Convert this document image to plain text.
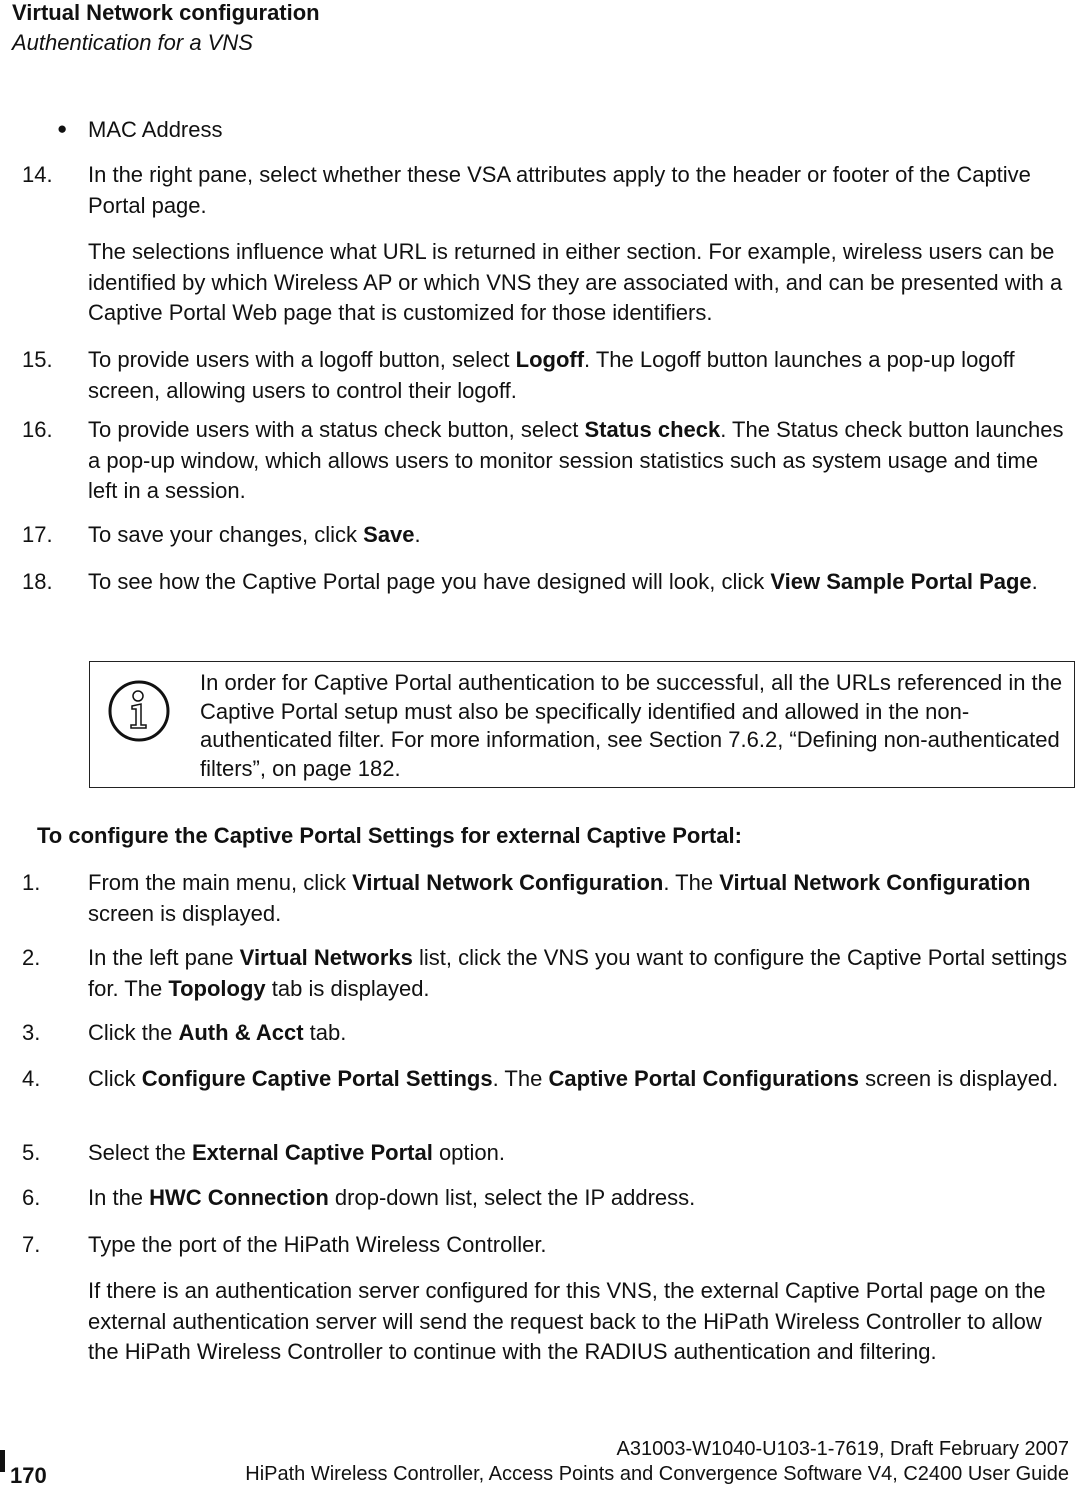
Virtual Network configuration
Authentication for a VNS
● MAC Address
14. In the right pane, select whether these VSA attributes apply to the header or footer of the Captive Portal page.
The selections influence what URL is returned in either section. For example, wireless users can be identified by which Wireless AP or which VNS they are associated with, and can be presented with a Captive Portal Web page that is customized for those identifiers.
15. To provide users with a logoff button, select Logoff. The Logoff button launches a pop-up logoff screen, allowing users to control their logoff.
16. To provide users with a status check button, select Status check. The Status check button launches a pop-up window, which allows users to monitor session statistics such as system usage and time left in a session.
17. To save your changes, click Save.
18. To see how the Captive Portal page you have designed will look, click View Sample Portal Page.
To configure the Captive Portal Settings for external Captive Portal:
1. From the main menu, click Virtual Network Configuration. The Virtual Network Configuration screen is displayed.
2. In the left pane Virtual Networks list, click the VNS you want to configure the Captive Portal settings for. The Topology tab is displayed.
3. Click the Auth & Acct tab.
4. Click Configure Captive Portal Settings. The Captive Portal Configurations screen is displayed.
5. Select the External Captive Portal option.
6. In the HWC Connection drop-down list, select the IP address.
7. Type the port of the HiPath Wireless Controller.
If there is an authentication server configured for this VNS, the external Captive Portal page on the external authentication server will send the request back to the HiPath Wireless Controller to allow the HiPath Wireless Controller to continue with the RADIUS authentication and filtering.
In order for Captive Portal authentication to be successful, all the URLs referenced in the Captive Portal setup must also be specifically identified and allowed in the non-authenticated filter. For more information, see Section 7.6.2, “Defining non-authenticated filters”, on page 182.
170
A31003-W1040-U103-1-7619, Draft February 2007
HiPath Wireless Controller, Access Points and Convergence Software V4, C2400 User Guide
